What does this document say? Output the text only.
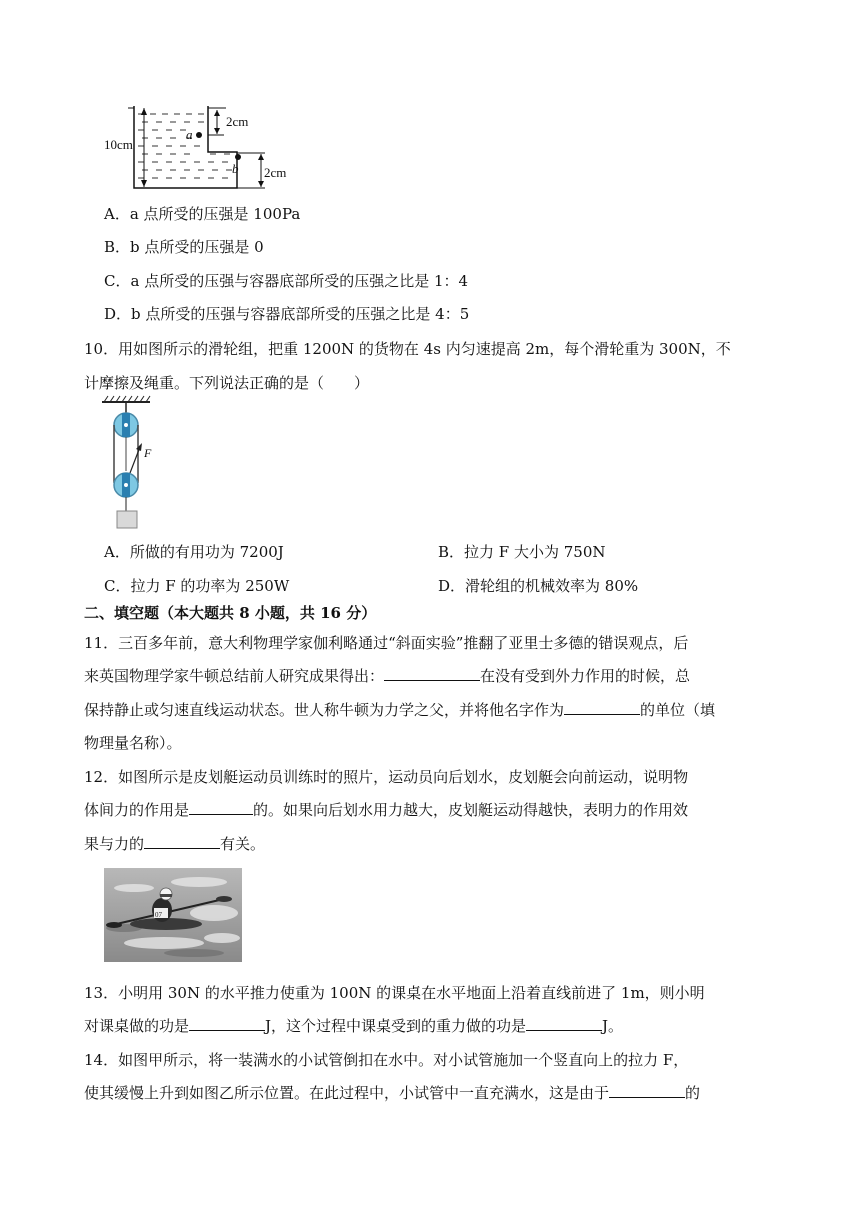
10cm
a
2cm
b 2cm
A．a 点所受的压强是 100Pa
B．b 点所受的压强是 0
C．a 点所受的压强与容器底部所受的压强之比是 1：4
D．b 点所受的压强与容器底部所受的压强之比是 4：5
10．用如图所示的滑轮组，把重 1200N 的货物在 4s 内匀速提高 2m，每个滑轮重为 300N，不
计摩擦及绳重。下列说法正确的是（　　）
F
A．所做的有用功为 7200J	B．拉力 F 大小为 750N
C．拉力 F 的功率为 250W	D．滑轮组的机械效率为 80%
二、填空题（本大题共 8 小题，共 16 分）
11．三百多年前，意大利物理学家伽利略通过“斜面实验”推翻了亚里士多德的错误观点，后
来英国物理学家牛顿总结前人研究成果得出：	在没有受到外力作用的时候，总
保持静止或匀速直线运动状态。世人称牛顿为力学之父，并将他名字作为	的单位（填
物理量名称）。
12．如图所示是皮划艇运动员训练时的照片，运动员向后划水，皮划艇会向前运动，说明物
体间力的作用是	的。如果向后划水用力越大，皮划艇运动得越快，表明力的作用效
果与力的	有关。
07
13．小明用 30N 的水平推力使重为 100N 的课桌在水平地面上沿着直线前进了 1m，则小明
对课桌做的功是	J，这个过程中课桌受到的重力做的功是	J。
14．如图甲所示，将一装满水的小试管倒扣在水中。对小试管施加一个竖直向上的拉力 F，
使其缓慢上升到如图乙所示位置。在此过程中，小试管中一直充满水，这是由于	的
